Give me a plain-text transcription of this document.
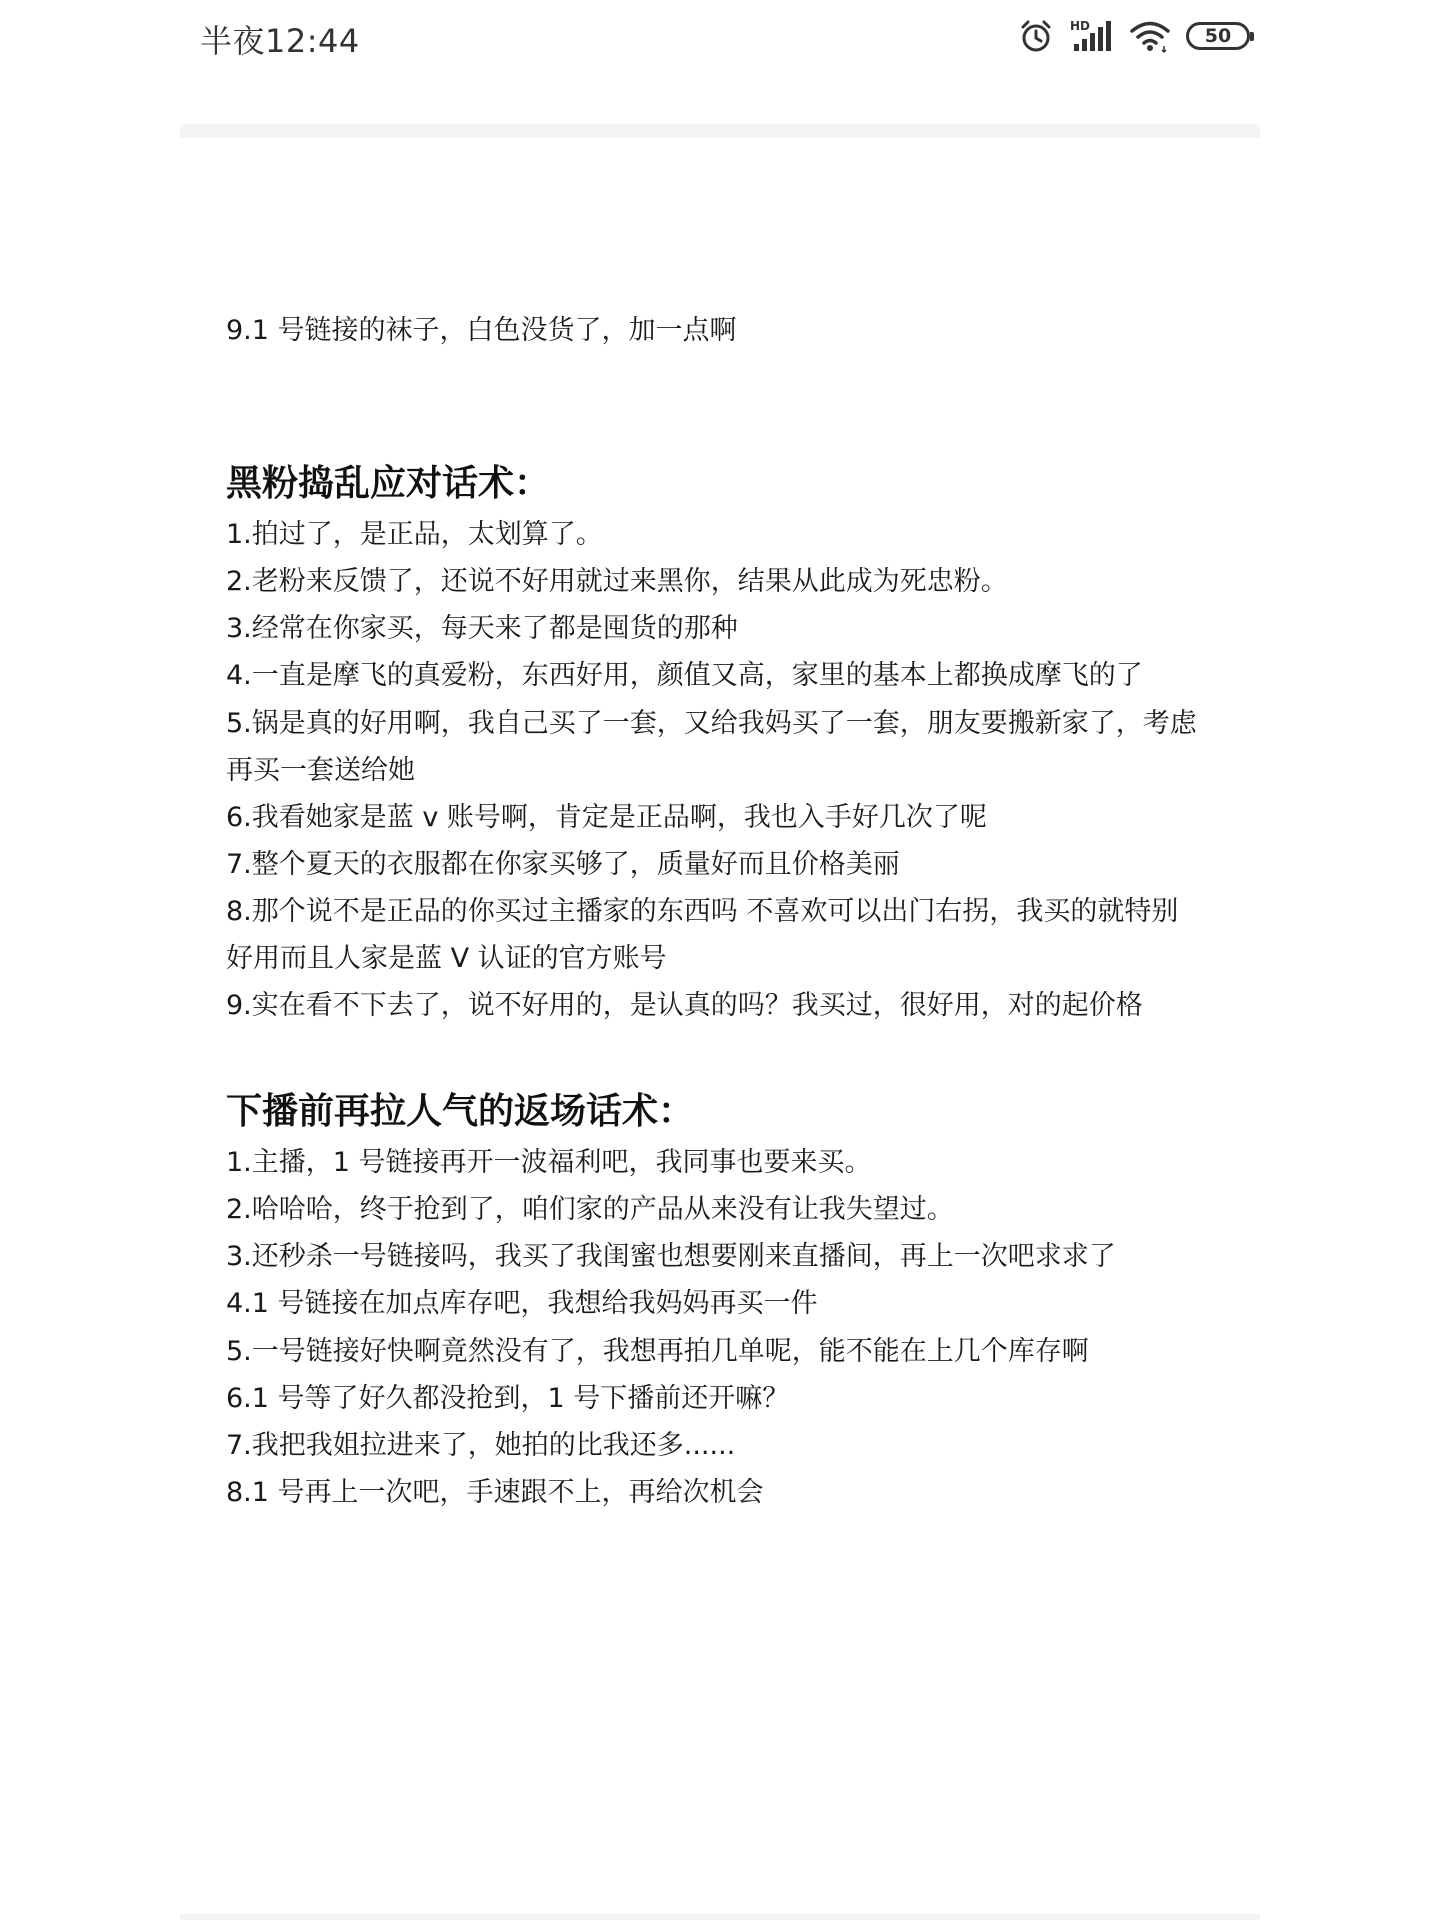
半夜12:44	HD	50
9.1 号链接的袜子，白色没货了，加一点啊
黑粉捣乱应对话术：
1.拍过了，是正品，太划算了。
2.老粉来反馈了，还说不好用就过来黑你，结果从此成为死忠粉。
3.经常在你家买，每天来了都是囤货的那种
4.一直是摩飞的真爱粉，东西好用，颜值又高，家里的基本上都换成摩飞的了
5.锅是真的好用啊，我自己买了一套，又给我妈买了一套，朋友要搬新家了，考虑
再买一套送给她
6.我看她家是蓝 v 账号啊，肯定是正品啊，我也入手好几次了呢
7.整个夏天的衣服都在你家买够了，质量好而且价格美丽
8.那个说不是正品的你买过主播家的东西吗 不喜欢可以出门右拐，我买的就特别
好用而且人家是蓝 V 认证的官方账号
9.实在看不下去了，说不好用的，是认真的吗？我买过，很好用，对的起价格
下播前再拉人气的返场话术：
1.主播，1 号链接再开一波福利吧，我同事也要来买。
2.哈哈哈，终于抢到了，咱们家的产品从来没有让我失望过。
3.还秒杀一号链接吗，我买了我闺蜜也想要刚来直播间，再上一次吧求求了
4.1 号链接在加点库存吧，我想给我妈妈再买一件
5.一号链接好快啊竟然没有了，我想再拍几单呢，能不能在上几个库存啊
6.1 号等了好久都没抢到，1 号下播前还开嘛？
7.我把我姐拉进来了，她拍的比我还多......
8.1 号再上一次吧，手速跟不上，再给次机会
